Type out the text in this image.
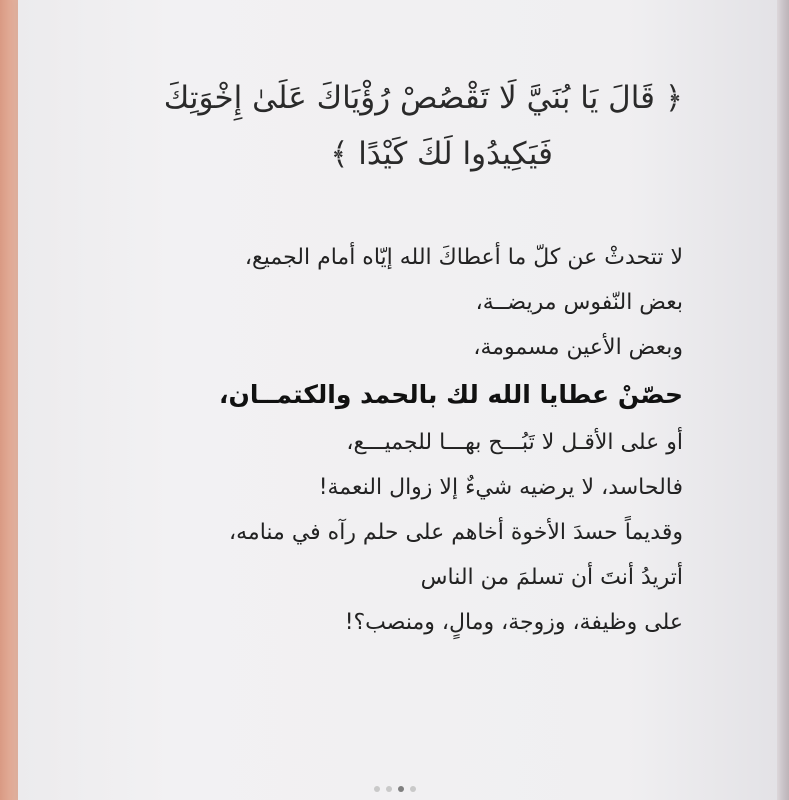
﴿ قَالَ يَا بُنَيَّ لَا تَقْصُصْ رُؤْيَاكَ عَلَىٰ إِخْوَتِكَ
فَيَكِيدُوا لَكَ كَيْدًا ﴾
لا تتحدثْ عن كلّ ما أعطاكَ الله إيّاه أمام الجميع،
بعض النّفوس مريضــة،
وبعض الأعين مسمومة،
حصّنْ عطايا الله لك بالحمد والكتمــان،
أو على الأقـل لا تَبُـــح بهـــا للجميـــع،
فالحاسد، لا يرضيه شيءٌ إلا زوال النعمة!
وقديماً حسدَ الأخوة أخاهم على حلم رآه في منامه،
أتريدُ أنتَ أن تسلمَ من الناس
على وظيفة، وزوجة، ومالٍ، ومنصب؟!
